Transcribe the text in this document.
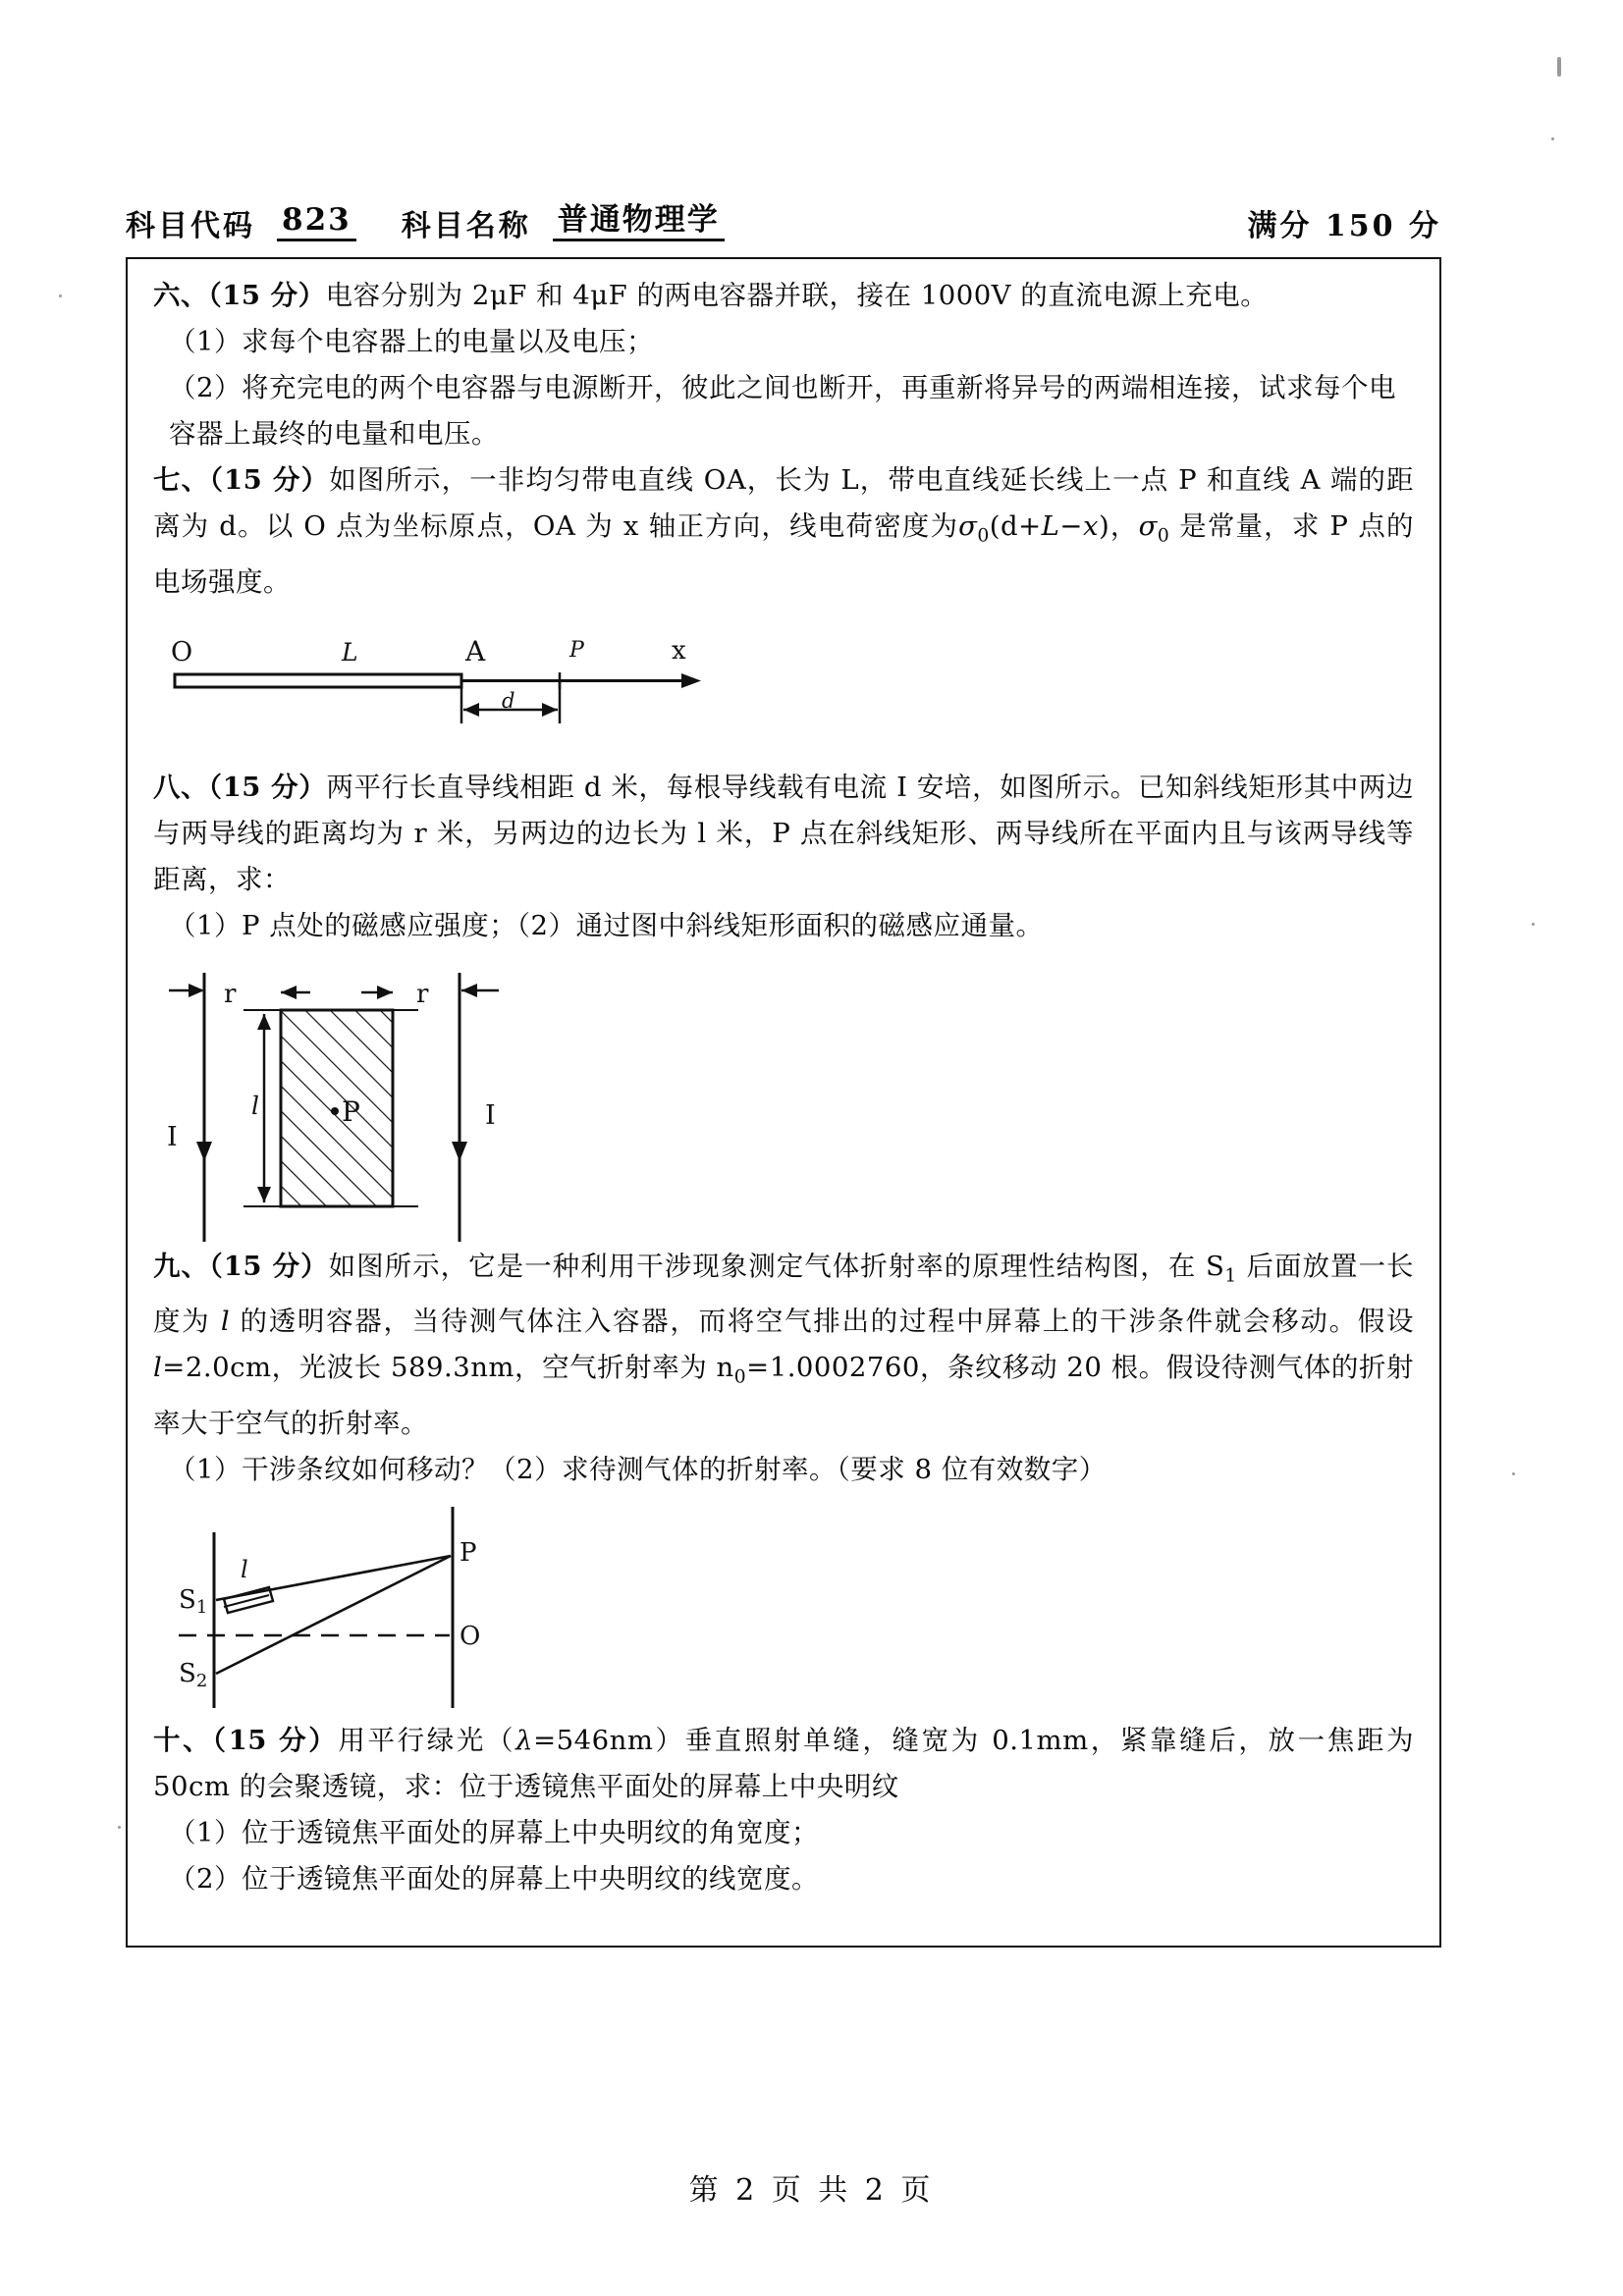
科目代码 823 科目名称 普通物理学	满分 150 分

六、（15 分）电容分别为 2μF 和 4μF 的两电容器并联，接在 1000V 的直流电源上充电。

（1）求每个电容器上的电量以及电压；

（2）将充完电的两个电容器与电源断开，彼此之间也断开，再重新将异号的两端相连接，试求每个电容器上最终的电量和电压。

七、（15 分）如图所示，一非均匀带电直线 OA，长为 L，带电直线延长线上一点 P 和直线 A 端的距离为 d。以 O 点为坐标原点，OA 为 x 轴正方向，线电荷密度为$\sigma_0(d+L-x)$，$\sigma_0$ 是常量，求 P 点的电场强度。

O	L	A	P	x
d

八、（15 分）两平行长直导线相距 d 米，每根导线载有电流 I 安培，如图所示。已知斜线矩形其中两边与两导线的距离均为 r 米，另两边的边长为 l 米，P 点在斜线矩形、两导线所在平面内且与该两导线等距离，求：

（1）P 点处的磁感应强度；（2）通过图中斜线矩形面积的磁感应通量。

r	r
l
I
I
P

九、（15 分）如图所示，它是一种利用干涉现象测定气体折射率的原理性结构图，在 $S_1$ 后面放置一长度为 l 的透明容器，当待测气体注入容器，而将空气排出的过程中屏幕上的干涉条件就会移动。假设 l=2.0cm，光波长 589.3nm，空气折射率为 $n_0=1.0002760$，条纹移动 20 根。假设待测气体的折射率大于空气的折射率。

（1）干涉条纹如何移动？（2）求待测气体的折射率。（要求 8 位有效数字）

S1
S2
l
P
O

十、（15 分）用平行绿光（λ=546nm）垂直照射单缝，缝宽为 0.1mm，紧靠缝后，放一焦距为 50cm 的会聚透镜，求：位于透镜焦平面处的屏幕上中央明纹

（1）位于透镜焦平面处的屏幕上中央明纹的角宽度；

（2）位于透镜焦平面处的屏幕上中央明纹的线宽度。

第 2 页 共 2 页
